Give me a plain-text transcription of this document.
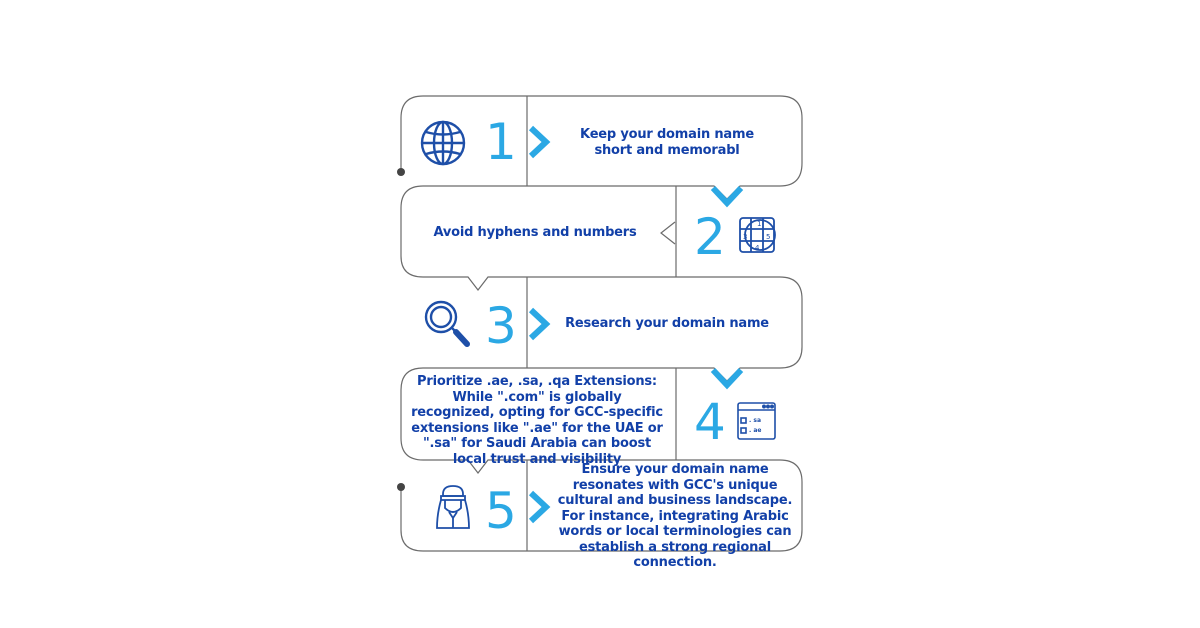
1	Keep your domain name short and memorabl
Avoid hyphens and numbers 2	1
3	5
4
3	Research your domain name
Prioritize .ae, .sa, .qa Extensions: While ".com" is globally recognized, opting for GCC-specific extensions like ".ae" for the UAE or ".sa" for Saudi Arabia can boost local trust and visibility
4	. sa
. ae
5
Ensure your domain name resonates with GCC's unique cultural and business landscape. For instance, integrating Arabic words or local terminologies can establish a strong regional connection.
